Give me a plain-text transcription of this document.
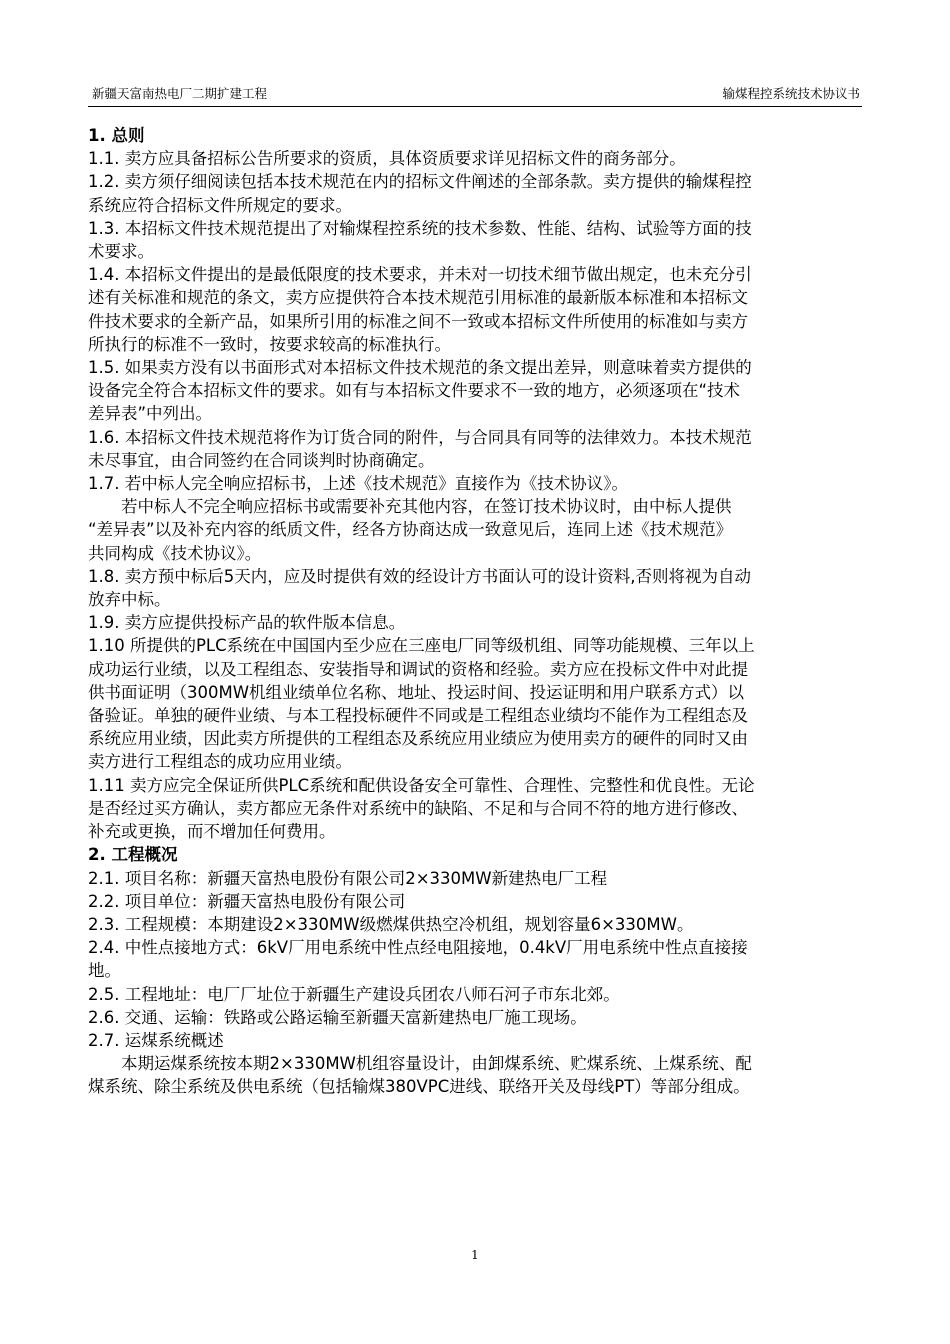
新疆天富南热电厂二期扩建工程	输煤程控系统技术协议书

1. 总则

1.1. 卖方应具备招标公告所要求的资质，具体资质要求详见招标文件的商务部分。

1.2. 卖方须仔细阅读包括本技术规范在内的招标文件阐述的全部条款。卖方提供的输煤程控

系统应符合招标文件所规定的要求。

1.3. 本招标文件技术规范提出了对输煤程控系统的技术参数、性能、结构、试验等方面的技

术要求。

1.4. 本招标文件提出的是最低限度的技术要求，并未对一切技术细节做出规定，也未充分引

述有关标准和规范的条文，卖方应提供符合本技术规范引用标准的最新版本标准和本招标文

件技术要求的全新产品，如果所引用的标准之间不一致或本招标文件所使用的标准如与卖方

所执行的标准不一致时，按要求较高的标准执行。

1.5. 如果卖方没有以书面形式对本招标文件技术规范的条文提出差异，则意味着卖方提供的

设备完全符合本招标文件的要求。如有与本招标文件要求不一致的地方，必须逐项在“技术

差异表”中列出。

1.6. 本招标文件技术规范将作为订货合同的附件，与合同具有同等的法律效力。本技术规范

未尽事宜，由合同签约在合同谈判时协商确定。

1.7. 若中标人完全响应招标书，上述《技术规范》直接作为《技术协议》。

若中标人不完全响应招标书或需要补充其他内容，在签订技术协议时，由中标人提供

“差异表”以及补充内容的纸质文件，经各方协商达成一致意见后，连同上述《技术规范》

共同构成《技术协议》。

1.8. 卖方预中标后5天内，应及时提供有效的经设计方书面认可的设计资料,否则将视为自动

放弃中标。

1.9. 卖方应提供投标产品的软件版本信息。

1.10 所提供的PLC系统在中国国内至少应在三座电厂同等级机组、同等功能规模、三年以上

成功运行业绩，以及工程组态、安装指导和调试的资格和经验。卖方应在投标文件中对此提

供书面证明（300MW机组业绩单位名称、地址、投运时间、投运证明和用户联系方式）以

备验证。单独的硬件业绩、与本工程投标硬件不同或是工程组态业绩均不能作为工程组态及

系统应用业绩，因此卖方所提供的工程组态及系统应用业绩应为使用卖方的硬件的同时又由

卖方进行工程组态的成功应用业绩。

1.11 卖方应完全保证所供PLC系统和配供设备安全可靠性、合理性、完整性和优良性。无论

是否经过买方确认，卖方都应无条件对系统中的缺陷、不足和与合同不符的地方进行修改、

补充或更换，而不增加任何费用。

2. 工程概况

2.1. 项目名称：新疆天富热电股份有限公司2×330MW新建热电厂工程

2.2. 项目单位：新疆天富热电股份有限公司

2.3. 工程规模：本期建设2×330MW级燃煤供热空冷机组，规划容量6×330MW。

2.4. 中性点接地方式：6kV厂用电系统中性点经电阻接地，0.4kV厂用电系统中性点直接接

地。

2.5. 工程地址：电厂厂址位于新疆生产建设兵团农八师石河子市东北郊。

2.6. 交通、运输：铁路或公路运输至新疆天富新建热电厂施工现场。

2.7. 运煤系统概述

本期运煤系统按本期2×330MW机组容量设计，由卸煤系统、贮煤系统、上煤系统、配

煤系统、除尘系统及供电系统（包括输煤380VPC进线、联络开关及母线PT）等部分组成。

1
